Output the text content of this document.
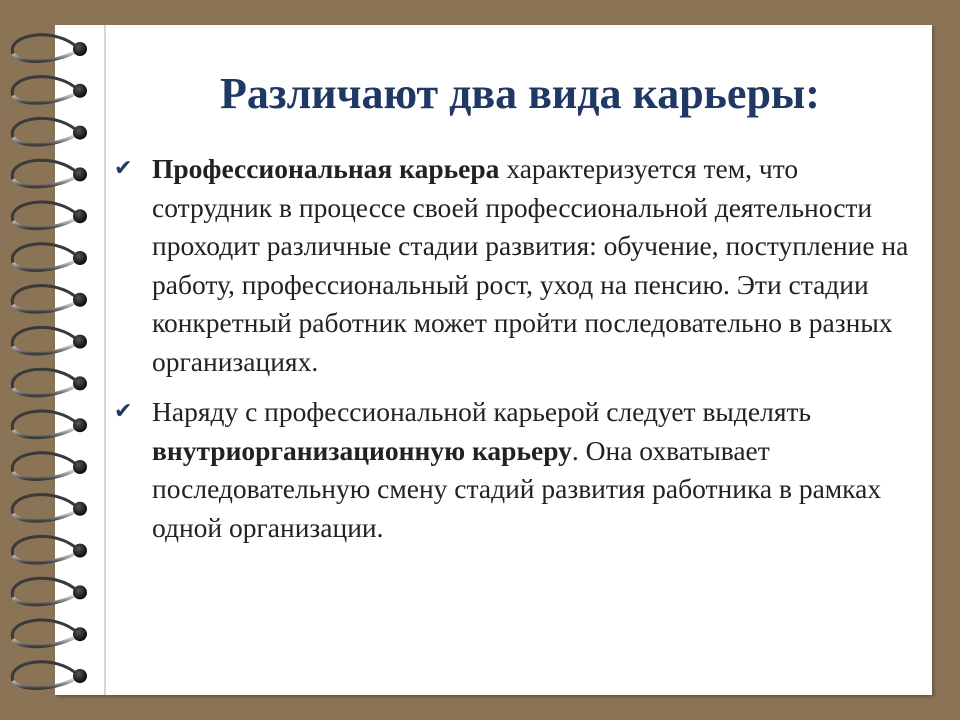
Различают два вида карьеры:
✔ Профессиональная карьера характеризуется тем, что сотрудник в процессе своей профессиональной деятельности проходит различные стадии развития: обучение, поступление на работу, профессиональный рост, уход на пенсию. Эти стадии конкретный работник может пройти последовательно в разных организациях.
✔ Наряду с профессиональной карьерой следует выделять внутриорганизационную карьеру. Она охватывает последовательную смену стадий развития работника в рамках одной организации.
